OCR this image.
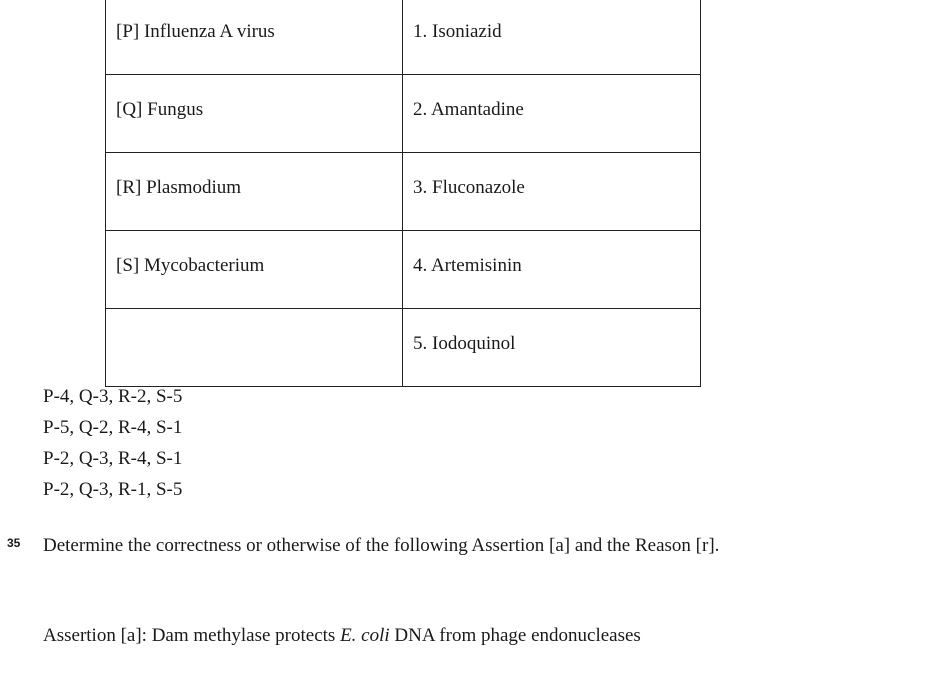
[P] Influenza A virus	1. Isoniazid
[Q] Fungus	2. Amantadine
[R] Plasmodium	3. Fluconazole
[S] Mycobacterium	4. Artemisinin
	5. Iodoquinol
P-4, Q-3, R-2, S-5
P-5, Q-2, R-4, S-1
P-2, Q-3, R-4, S-1
P-2, Q-3, R-1, S-5
35 Determine the correctness or otherwise of the following Assertion [a] and the Reason [r].
Assertion [a]: Dam methylase protects E. coli DNA from phage endonucleases
